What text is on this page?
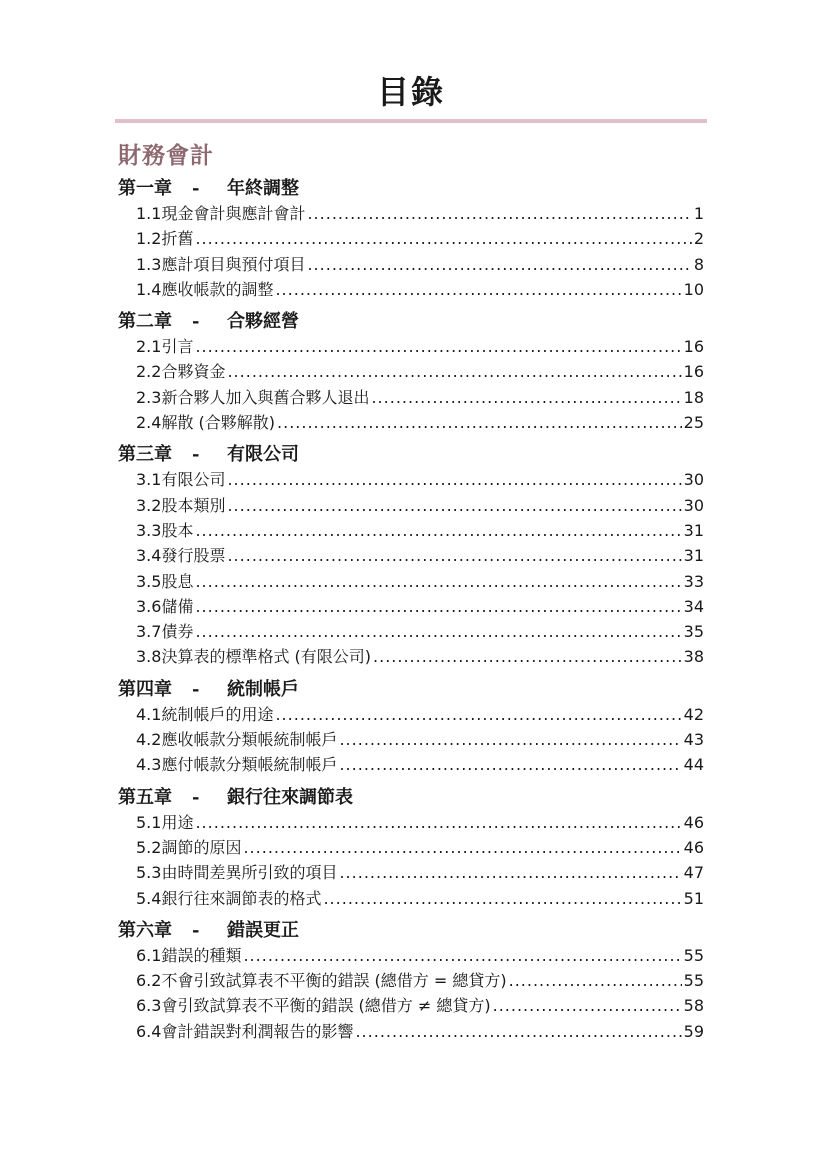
目錄
財務會計
第一章	-	年終調整
1.1 現金會計與應計會計 .....	1
1.2 折舊 .....	2
1.3 應計項目與預付項目 .....	8
1.4 應收帳款的調整 .....	10
第二章	-	合夥經營
2.1 引言 .....	16
2.2 合夥資金 .....	16
2.3 新合夥人加入與舊合夥人退出 .....	18
2.4 解散 (合夥解散) .....	25
第三章	-	有限公司
3.1 有限公司 .....	30
3.2 股本類別 .....	30
3.3 股本 .....	31
3.4 發行股票 .....	31
3.5 股息 .....	33
3.6 儲備 .....	34
3.7 債券 .....	35
3.8 決算表的標準格式 (有限公司) .....	38
第四章	-	統制帳戶
4.1 統制帳戶的用途 .....	42
4.2 應收帳款分類帳統制帳戶 .....	43
4.3 應付帳款分類帳統制帳戶 .....	44
第五章	-	銀行往來調節表
5.1 用途 .....	46
5.2 調節的原因 .....	46
5.3 由時間差異所引致的項目 .....	47
5.4 銀行往來調節表的格式 .....	51
第六章	-	錯誤更正
6.1 錯誤的種類 .....	55
6.2 不會引致試算表不平衡的錯誤 (總借方 = 總貸方) .....	55
6.3 會引致試算表不平衡的錯誤 (總借方 ≠ 總貸方) .....	58
6.4 會計錯誤對利潤報告的影響 .....	59
